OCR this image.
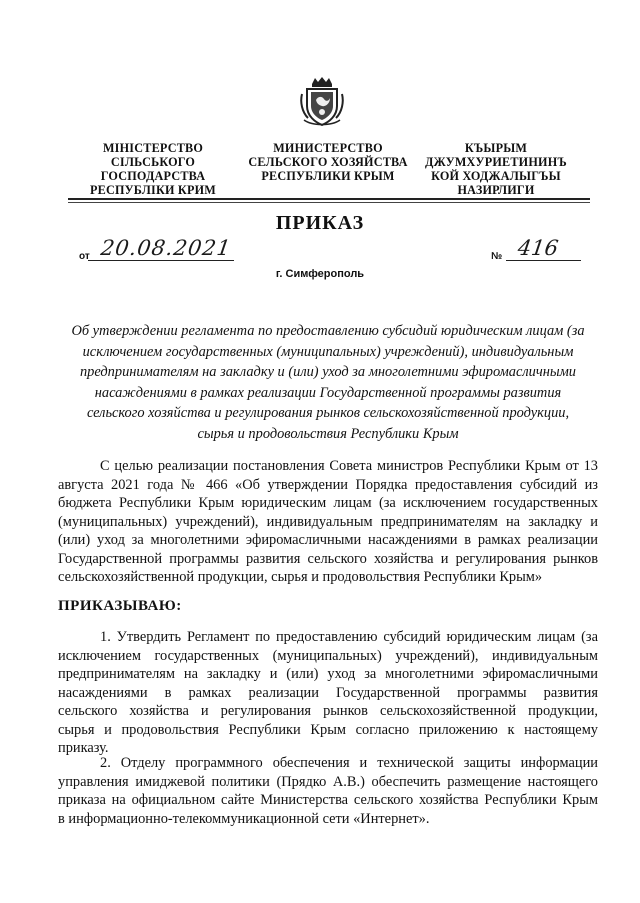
МІНІСТЕРСТВО
СІЛЬСЬКОГО
ГОСПОДАРСТВА
РЕСПУБЛІКИ КРИМ
МИНИСТЕРСТВО
СЕЛЬСКОГО ХОЗЯЙСТВА
РЕСПУБЛИКИ КРЫМ
КЪЫРЫМ
ДЖУМХУРИЕТИНИНЪ
КОЙ ХОДЖАЛЫГЪЫ
НАЗИРЛИГИ
ПРИКАЗ
от 20.08.2021	№ 416
г. Симферополь
Об утверждении регламента по предоставлению субсидий юридическим лицам (за
исключением государственных (муниципальных) учреждений), индивидуальным
предпринимателям на закладку и (или) уход за многолетними эфиромасличными
насаждениями в рамках реализации Государственной программы развития
сельского хозяйства и регулирования рынков сельскохозяйственной продукции,
сырья и продовольствия Республики Крым
С целью реализации постановления Совета министров Республики Крым от 13
августа 2021 года № 466 «Об утверждении Порядка предоставления субсидий из
бюджета Республики Крым юридическим лицам (за исключением государственных
(муниципальных) учреждений), индивидуальным предпринимателям на закладку и
(или) уход за многолетними эфиромасличными насаждениями в рамках реализации
Государственной программы развития сельского хозяйства и регулирования рынков
сельскохозяйственной продукции, сырья и продовольствия Республики Крым»
ПРИКАЗЫВАЮ:
1. Утвердить Регламент по предоставлению субсидий юридическим лицам (за
исключением государственных (муниципальных) учреждений), индивидуальным
предпринимателям на закладку и (или) уход за многолетними эфиромасличными
насаждениями в рамках реализации Государственной программы развития
сельского хозяйства и регулирования рынков сельскохозяйственной продукции,
сырья и продовольствия Республики Крым согласно приложению к настоящему
приказу.
2. Отделу программного обеспечения и технической защиты информации
управления имиджевой политики (Прядко А.В.) обеспечить размещение настоящего
приказа на официальном сайте Министерства сельского хозяйства Республики Крым
в информационно-телекоммуникационной сети «Интернет».
